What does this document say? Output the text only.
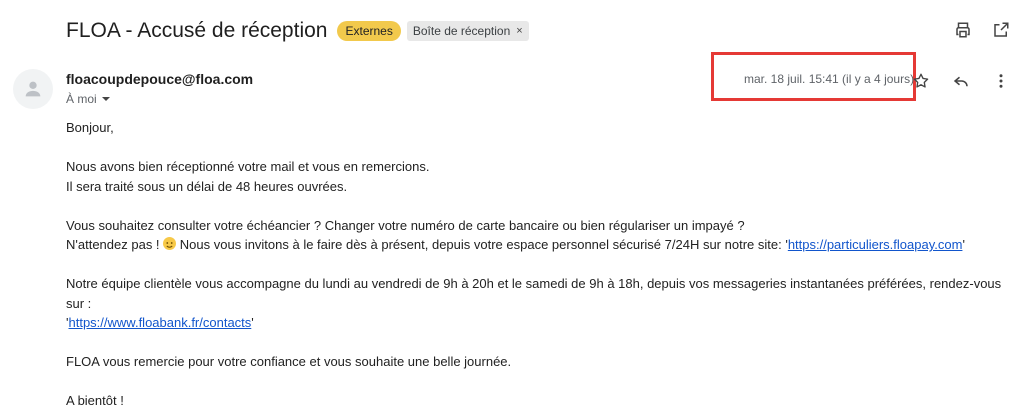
FLOA - Accusé de réception	Externes	Boîte de réception ×
floacoupdepouce@floa.com
À moi
mar. 18 juil. 15:41 (il y a 4 jours)

Bonjour,

Nous avons bien réceptionné votre mail et vous en remercions.

Il sera traité sous un délai de 48 heures ouvrées.

Vous souhaitez consulter votre échéancier ? Changer votre numéro de carte bancaire ou bien régulariser un impayé ?

N'attendez pas !  Nous vous invitons à le faire dès à présent, depuis votre espace personnel sécurisé 7/24H sur notre site: 'https://particuliers.floapay.com'

Notre équipe clientèle vous accompagne du lundi au vendredi de 9h à 20h et le samedi de 9h à 18h, depuis vos messageries instantanées préférées, rendez-vous sur :

'https://www.floabank.fr/contacts'

FLOA vous remercie pour votre confiance et vous souhaite une belle journée.

A bientôt !
